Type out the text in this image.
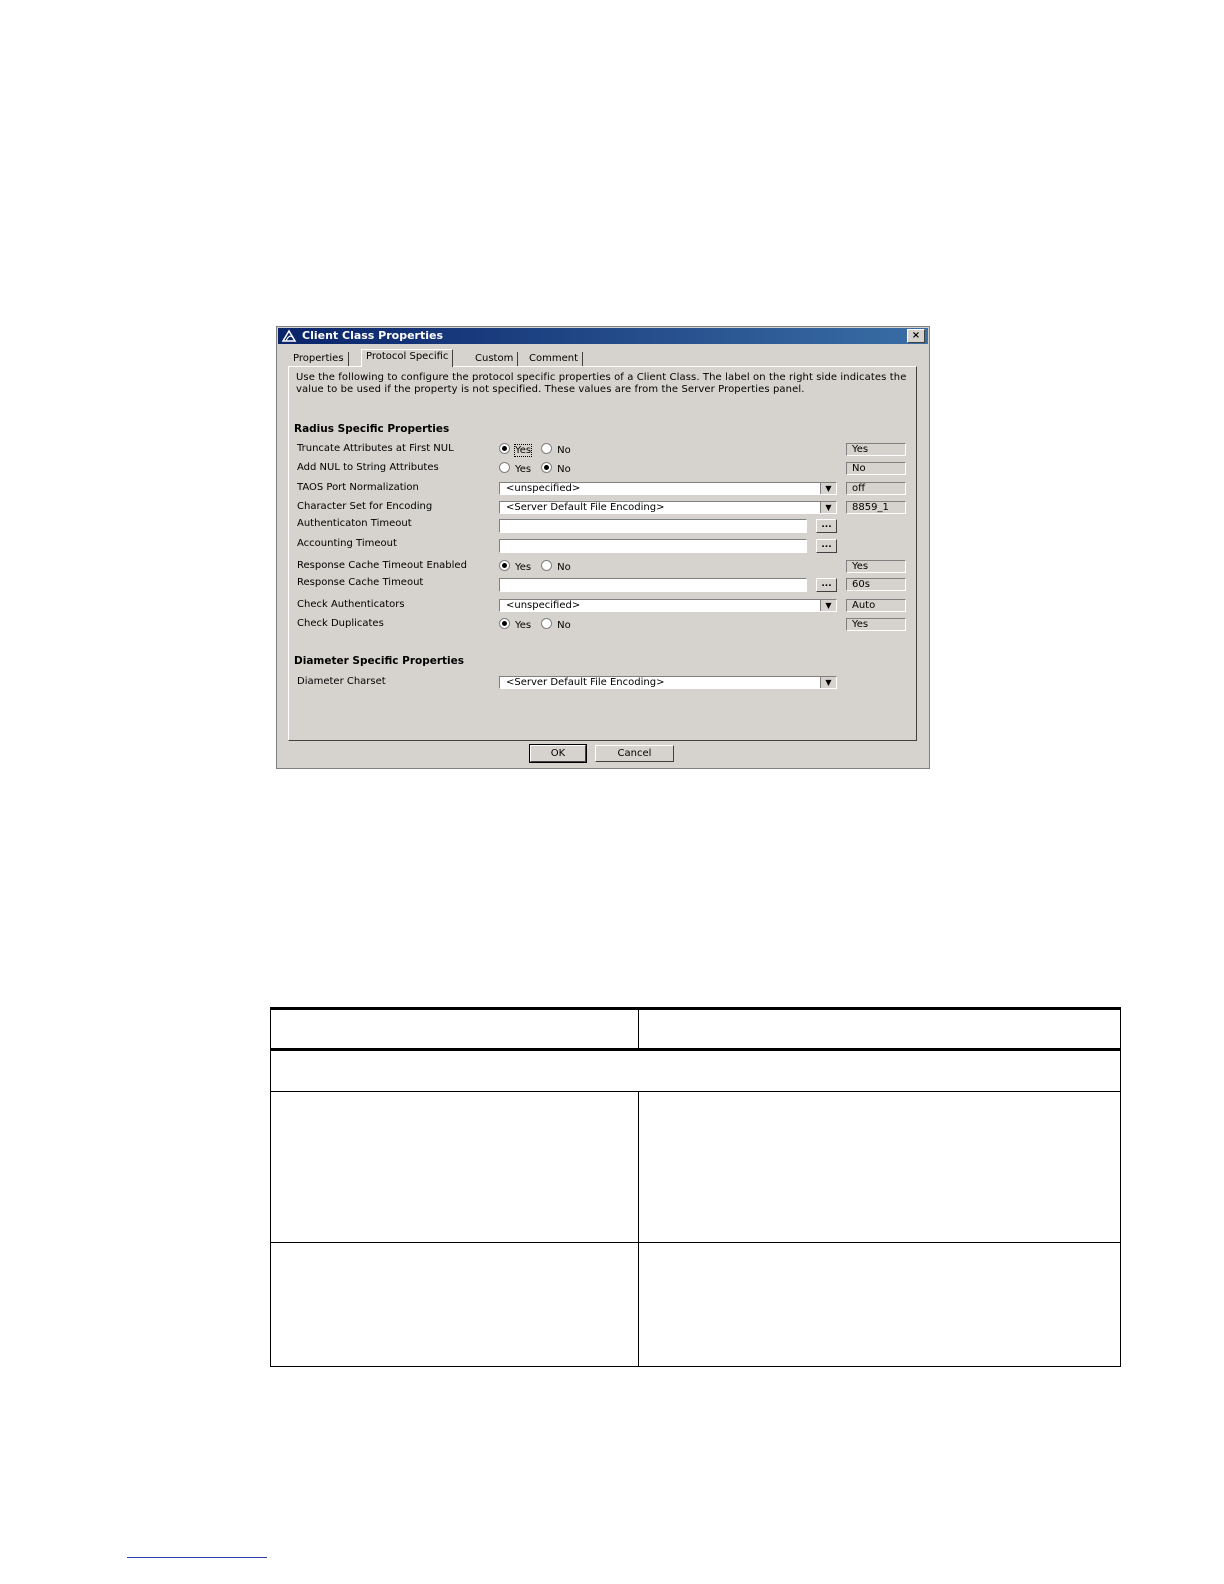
Client Class Properties	×
Properties	Protocol Specific	Custom	Comment
Use the following to configure the protocol specific properties of a Client Class. The label on the right side indicates the value to be used if the property is not specified. These values are from the Server Properties panel.
Radius Specific Properties
Truncate Attributes at First NUL	Yes	No	Yes
Add NUL to String Attributes	Yes	No	No
TAOS Port Normalization	<unspecified>	▼	off
Character Set for Encoding	<Server Default File Encoding>	▼	8859_1
Authenticaton Timeout	...
Accounting Timeout	...
Response Cache Timeout Enabled	Yes	No	Yes
Response Cache Timeout	...	60s
Check Authenticators	<unspecified>	▼	Auto
Check Duplicates	Yes	No	Yes
Diameter Specific Properties
Diameter Charset	<Server Default File Encoding>	▼
OK	Cancel
